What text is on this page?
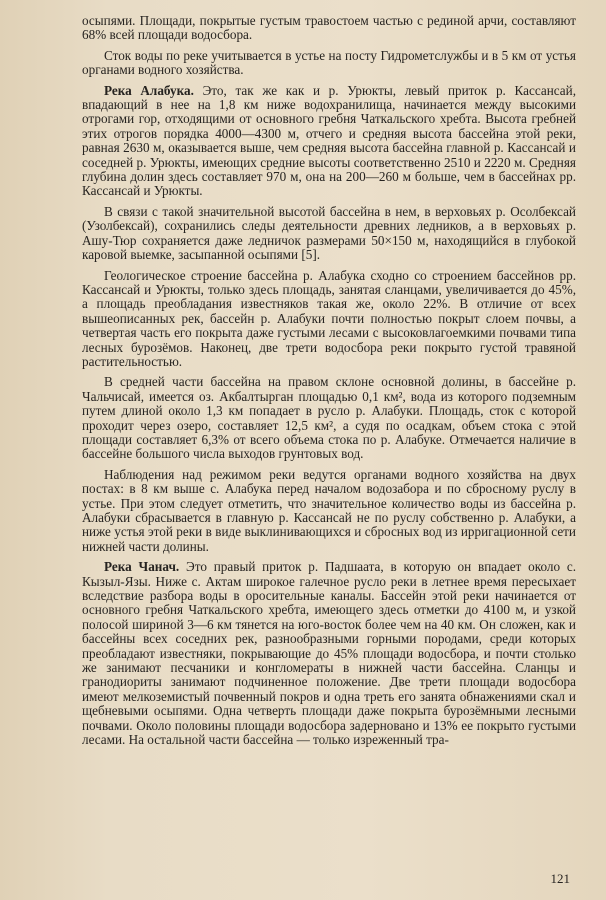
осыпями. Площади, покрытые густым травостоем частью с рединой арчи, составляют 68% всей площади водосбора.

Сток воды по реке учитывается в устье на посту Гидрометслужбы и в 5 км от устья органами водного хозяйства.

Река Алабука. Это, так же как и р. Урюкты, левый приток р. Кассансай, впадающий в нее на 1,8 км ниже водохранилища, начинается между высокими отрогами гор, отходящими от основного гребня Чаткальского хребта. Высота гребней этих отрогов порядка 4000—4300 м, отчего и средняя высота бассейна этой реки, равная 2630 м, оказывается выше, чем средняя высота бассейна главной р. Кассансай и соседней р. Урюкты, имеющих средние высоты соответственно 2510 и 2220 м. Средняя глубина долин здесь составляет 970 м, она на 200—260 м больше, чем в бассейнах рр. Кассансай и Урюкты.

В связи с такой значительной высотой бассейна в нем, в верховьях р. Осолбексай (Узолбексай), сохранились следы деятельности древних ледников, а в верховьях р. Ашу-Тюр сохраняется даже ледничок размерами 50×150 м, находящийся в глубокой каровой выемке, засыпанной осыпями [5].

Геологическое строение бассейна р. Алабука сходно со строением бассейнов рр. Кассансай и Урюкты, только здесь площадь, занятая сланцами, увеличивается до 45%, а площадь преобладания известняков такая же, около 22%. В отличие от всех вышеописанных рек, бассейн р. Алабуки почти полностью покрыт слоем почвы, а четвертая часть его покрыта даже густыми лесами с высоковлагоемкими почвами типа лесных бурозёмов. Наконец, две трети водосбора реки покрыто густой травяной растительностью.

В средней части бассейна на правом склоне основной долины, в бассейне р. Чальчисай, имеется оз. Акбалтырган площадью 0,1 км², вода из которого подземным путем длиной около 1,3 км попадает в русло р. Алабуки. Площадь, сток с которой проходит через озеро, составляет 12,5 км², а судя по осадкам, объем стока с этой площади составляет 6,3% от всего объема стока по р. Алабуке. Отмечается наличие в бассейне большого числа выходов грунтовых вод.

Наблюдения над режимом реки ведутся органами водного хозяйства на двух постах: в 8 км выше с. Алабука перед началом водозабора и по сбросному руслу в устье. При этом следует отметить, что значительное количество воды из бассейна р. Алабуки сбрасывается в главную р. Кассансай не по руслу собственно р. Алабуки, а ниже устья этой реки в виде выклинивающихся и сбросных вод из ирригационной сети нижней части долины.

Река Чанач. Это правый приток р. Падшаата, в которую он впадает около с. Кызыл-Язы. Ниже с. Актам широкое галечное русло реки в летнее время пересыхает вследствие разбора воды в оросительные каналы. Бассейн этой реки начинается от основного гребня Чаткальского хребта, имеющего здесь отметки до 4100 м, и узкой полосой шириной 3—6 км тянется на юго-восток более чем на 40 км. Он сложен, как и бассейны всех соседних рек, разнообразными горными породами, среди которых преобладают известняки, покрывающие до 45% площади водосбора, и почти столько же занимают песчаники и конгломераты в нижней части бассейна. Сланцы и гранодиориты занимают подчиненное положение. Две трети площади водосбора имеют мелкоземистый почвенный покров и одна треть его занята обнажениями скал и щебневыми осыпями. Одна четверть площади даже покрыта бурозёмными лесными почвами. Около половины площади водосбора задерновано и 13% ее покрыто густыми лесами. На остальной части бассейна — только изреженный тра-

121
